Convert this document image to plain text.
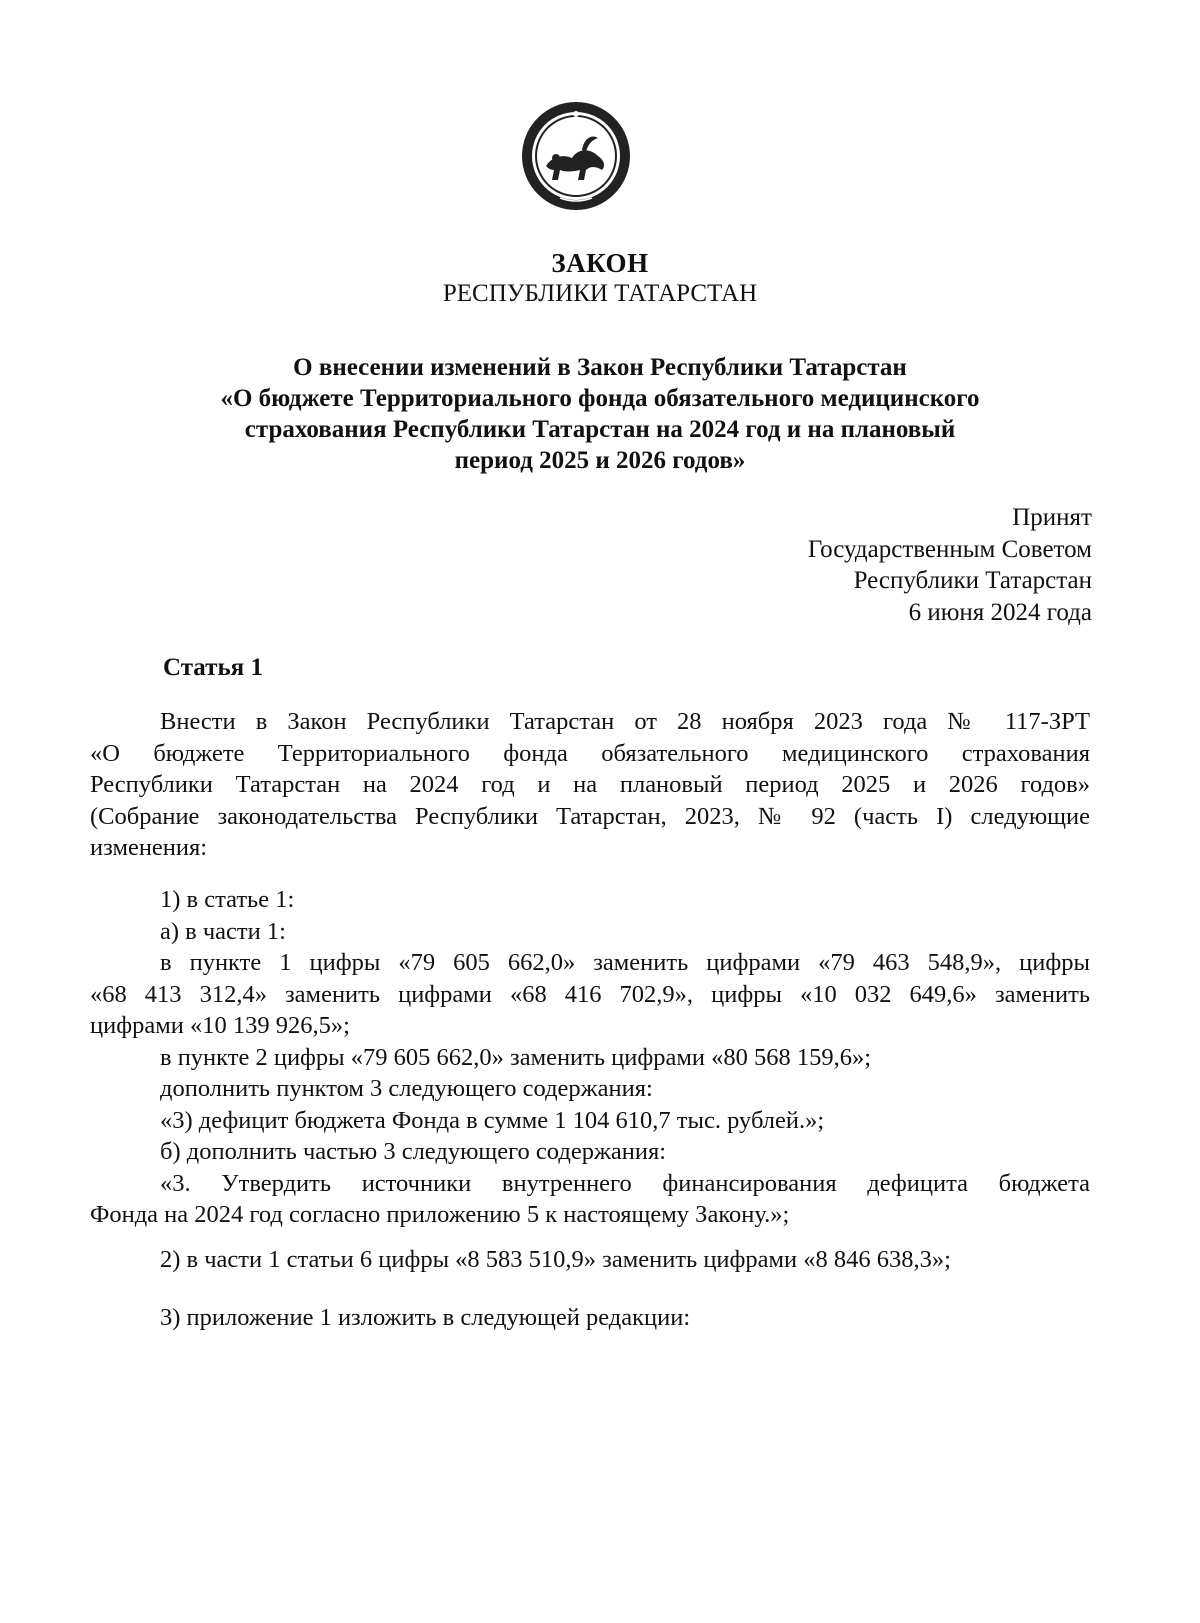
ЗАКОН
РЕСПУБЛИКИ ТАТАРСТАН
О внесении изменений в Закон Республики Татарстан
«О бюджете Территориального фонда обязательного медицинского
страхования Республики Татарстан на 2024 год и на плановый
период 2025 и 2026 годов»
Принят
Государственным Советом
Республики Татарстан
6 июня 2024 года
Статья 1
Внести в Закон Республики Татарстан от 28 ноября 2023 года № 117-ЗРТ
«О бюджете Территориального фонда обязательного медицинского страхования
Республики Татарстан на 2024 год и на плановый период 2025 и 2026 годов»
(Собрание законодательства Республики Татарстан, 2023, № 92 (часть I) следующие
изменения:
1) в статье 1:
а) в части 1:
в пункте 1 цифры «79 605 662,0» заменить цифрами «79 463 548,9», цифры
«68 413 312,4» заменить цифрами «68 416 702,9», цифры «10 032 649,6» заменить
цифрами «10 139 926,5»;
в пункте 2 цифры «79 605 662,0» заменить цифрами «80 568 159,6»;
дополнить пунктом 3 следующего содержания:
«3) дефицит бюджета Фонда в сумме 1 104 610,7 тыс. рублей.»;
б) дополнить частью 3 следующего содержания:
«3. Утвердить источники внутреннего финансирования дефицита бюджета
Фонда на 2024 год согласно приложению 5 к настоящему Закону.»;
2) в части 1 статьи 6 цифры «8 583 510,9» заменить цифрами «8 846 638,3»;
3) приложение 1 изложить в следующей редакции:
